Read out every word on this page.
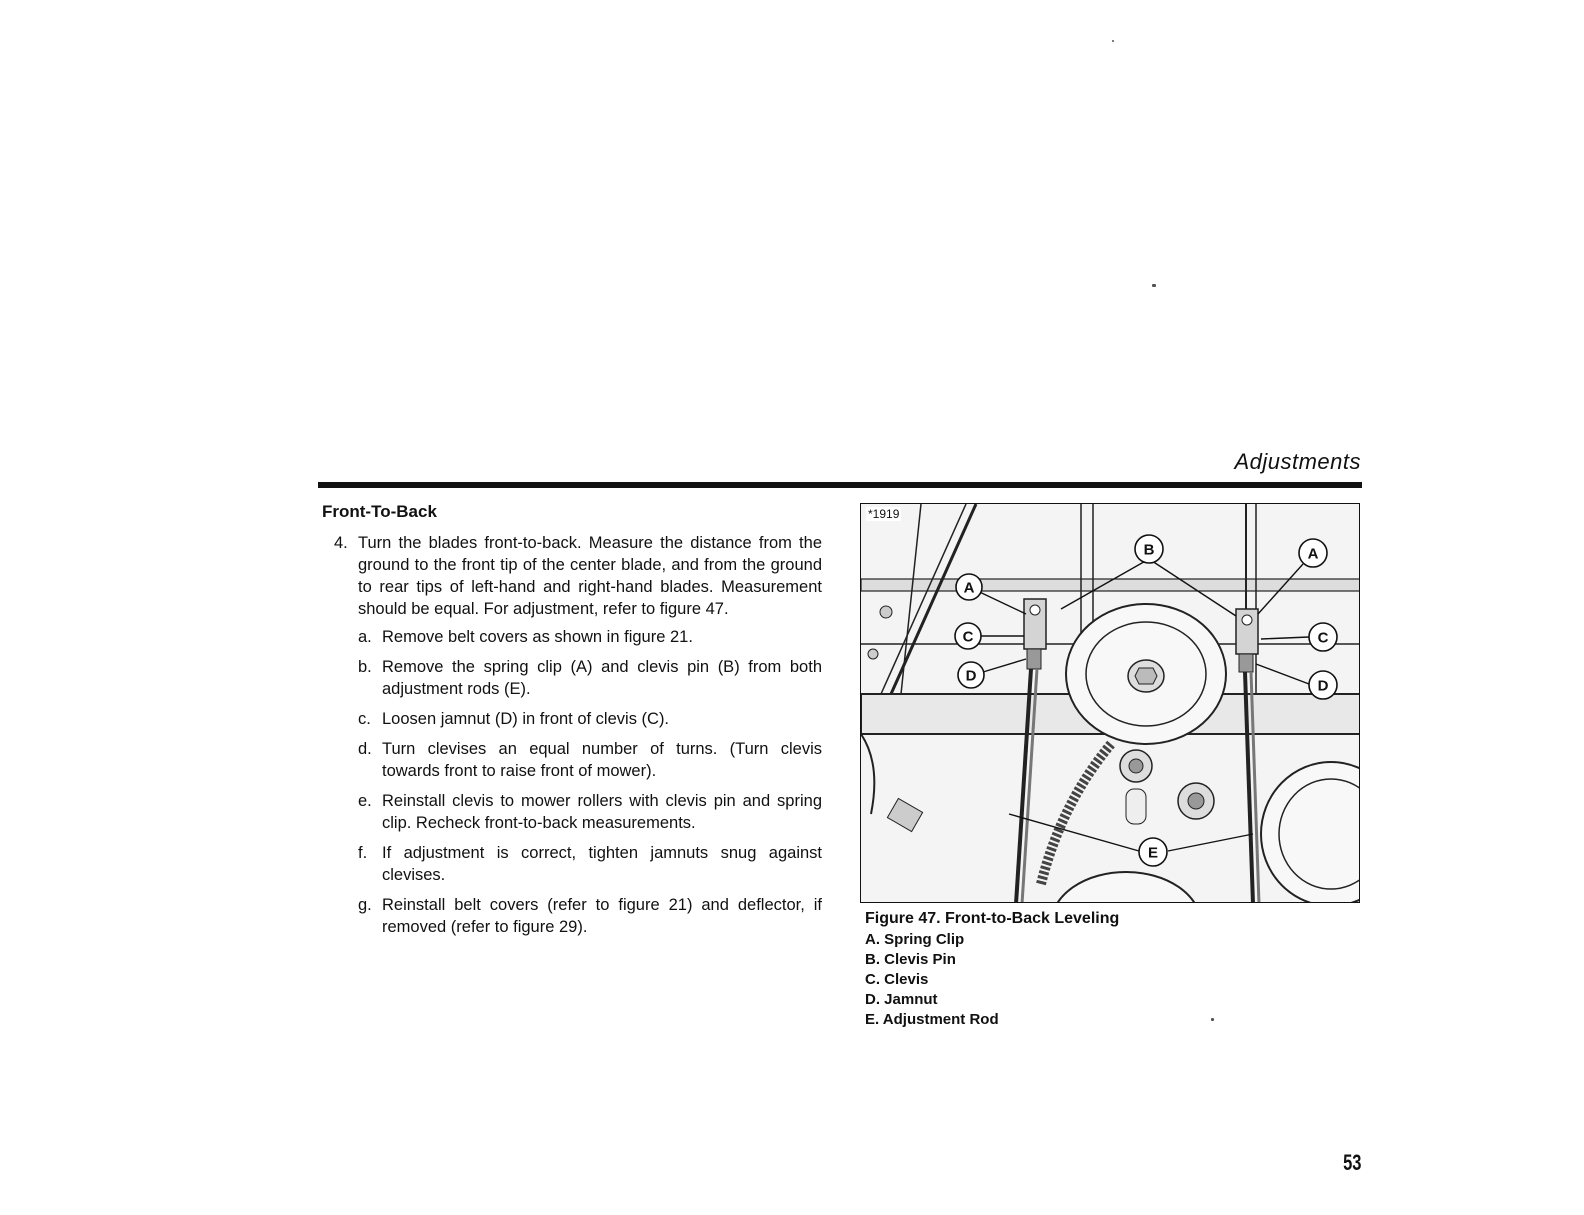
Adjustments
Front-To-Back
4. Turn the blades front-to-back. Measure the distance from the ground to the front tip of the center blade, and from the ground to rear tips of left-hand and right-hand blades. Measurement should be equal. For adjustment, refer to figure 47.
a. Remove belt covers as shown in figure 21.
b. Remove the spring clip (A) and clevis pin (B) from both adjustment rods (E).
c. Loosen jamnut (D) in front of clevis (C).
d. Turn clevises an equal number of turns. (Turn clevis towards front to raise front of mower).
e. Reinstall clevis to mower rollers with clevis pin and spring clip. Recheck front-to-back measurements.
f. If adjustment is correct, tighten jamnuts snug against clevises.
g. Reinstall belt covers (refer to figure 21) and deflector, if removed (refer to figure 29).
A
C
D
B	A
C
D
E
*1919
Figure 47. Front-to-Back Leveling
A. Spring Clip
B. Clevis Pin
C. Clevis
D. Jamnut
E. Adjustment Rod
53
